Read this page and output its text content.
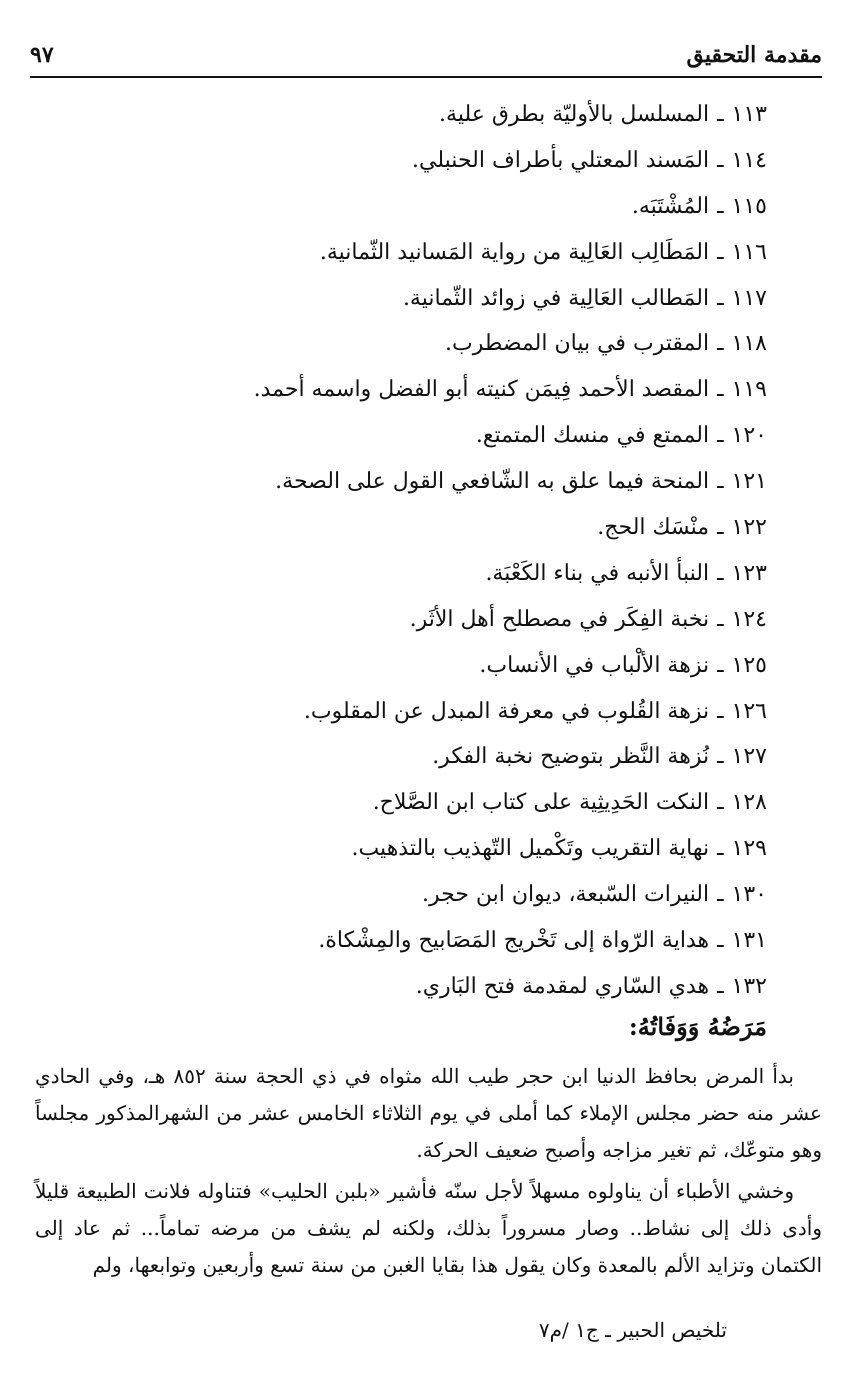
مقدمة التحقيق
٩٧
١١٣ـالمسلسل بالأوليّة بطرق علية.
١١٤ـالمَسند المعتلي بأطراف الحنبلي.
١١٥ـالمُشْتَبَه.
١١٦ـالمَطَالِب العَالِية من رواية المَسانيد الثّمانية.
١١٧ـالمَطالب العَالِية في زوائد الثّمانية.
١١٨ـالمقترب في بيان المضطرب.
١١٩ـالمقصد الأحمد فِيمَن كنيته أبو الفضل واسمه أحمد.
١٢٠ـالممتع في منسك المتمتع.
١٢١ـالمنحة فيما علق به الشّافعي القول على الصحة.
١٢٢ـمنْسَك الحج.
١٢٣ـالنبأ الأنبه في بناء الكَعْبَة.
١٢٤ـنخبة الفِكَر في مصطلح أهل الأثَر.
١٢٥ـنزهة الألْباب في الأنساب.
١٢٦ـنزهة القُلوب في معرفة المبدل عن المقلوب.
١٢٧ـنُزهة النَّظر بتوضيح نخبة الفكر.
١٢٨ـالنكت الحَدِيثِية على كتاب ابن الصَّلاح.
١٢٩ـنهاية التقريب وتَكْميل التّهذيب بالتذهيب.
١٣٠ـالنيرات السّبعة، ديوان ابن حجر.
١٣١ـهداية الرّواة إلى تَخْريج المَصَابيح والمِشْكاة.
١٣٢ـهدي السّاري لمقدمة فتح البَاري.
مَرَضُهُ وَوَفَاتُهُ:

بدأ المرض بحافظ الدنيا ابن حجر طيب الله مثواه في ذي الحجة سنة ٨٥٢ هـ، وفي الحادي عشر منه حضر مجلس الإملاء كما أملى في يوم الثلاثاء الخامس عشر من الشهرالمذكور مجلساً وهو متوعّك، ثم تغير مزاجه وأصبح ضعيف الحركة.

وخشي الأطباء أن يناولوه مسهلاً لأجل سنّه فأشير «بلبن الحليب» فتناوله فلانت الطبيعة قليلاً وأدى ذلك إلى نشاط.. وصار مسروراً بذلك، ولكنه لم يشف من مرضه تماماً... ثم عاد إلى الكتمان وتزايد الألم بالمعدة وكان يقول هذا بقايا الغبن من سنة تسع وأربعين وتوابعها، ولم

تلخيص الحبير ـ ج١ /م٧
